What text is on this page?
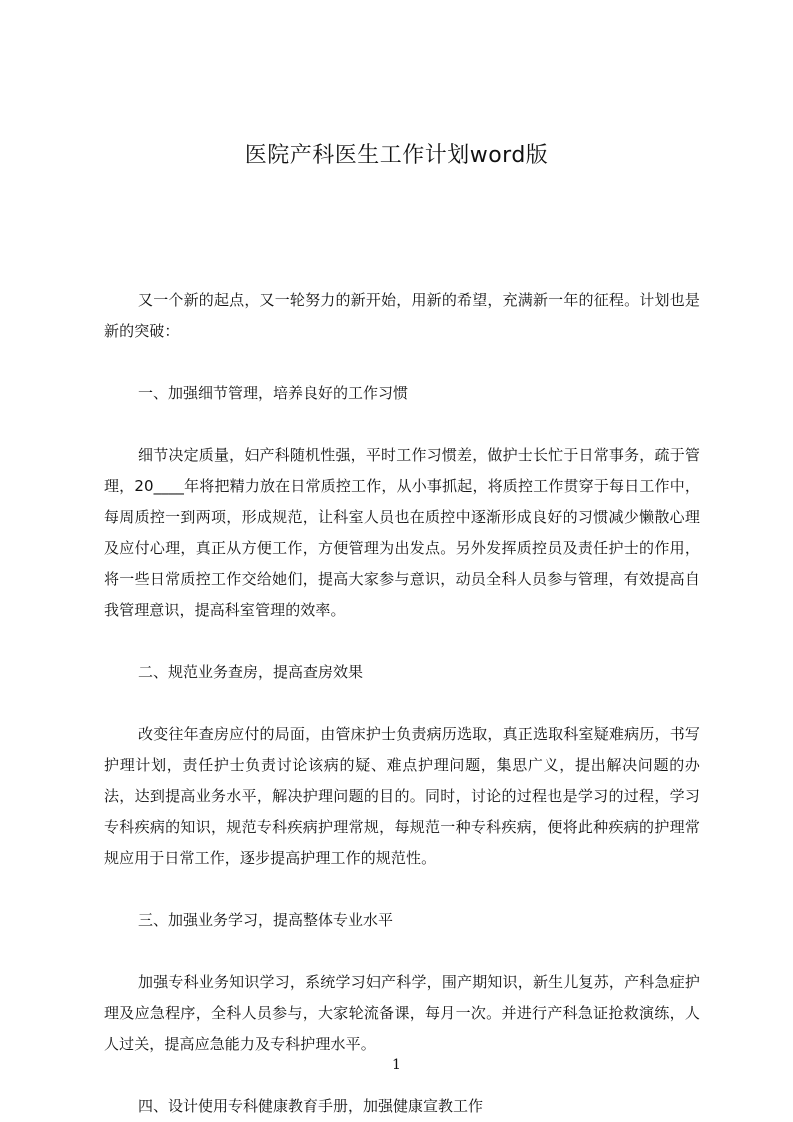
医院产科医生工作计划word版

又一个新的起点，又一轮努力的新开始，用新的希望，充满新一年的征程。计划也是新的突破：

一、加强细节管理，培养良好的工作习惯

细节决定质量，妇产科随机性强，平时工作习惯差，做护士长忙于日常事务，疏于管理，20____年将把精力放在日常质控工作，从小事抓起，将质控工作贯穿于每日工作中，每周质控一到两项，形成规范，让科室人员也在质控中逐渐形成良好的习惯减少懒散心理及应付心理，真正从方便工作，方便管理为出发点。另外发挥质控员及责任护士的作用，将一些日常质控工作交给她们，提高大家参与意识，动员全科人员参与管理，有效提高自我管理意识，提高科室管理的效率。

二、规范业务查房，提高查房效果

改变往年查房应付的局面，由管床护士负责病历选取，真正选取科室疑难病历，书写护理计划，责任护士负责讨论该病的疑、难点护理问题，集思广义，提出解决问题的办法，达到提高业务水平，解决护理问题的目的。同时，讨论的过程也是学习的过程，学习专科疾病的知识，规范专科疾病护理常规，每规范一种专科疾病，便将此种疾病的护理常规应用于日常工作，逐步提高护理工作的规范性。

三、加强业务学习，提高整体专业水平

加强专科业务知识学习，系统学习妇产科学，围产期知识，新生儿复苏，产科急症护理及应急程序，全科人员参与，大家轮流备课，每月一次。并进行产科急证抢救演练，人人过关，提高应急能力及专科护理水平。

四、设计使用专科健康教育手册，加强健康宣教工作

1
